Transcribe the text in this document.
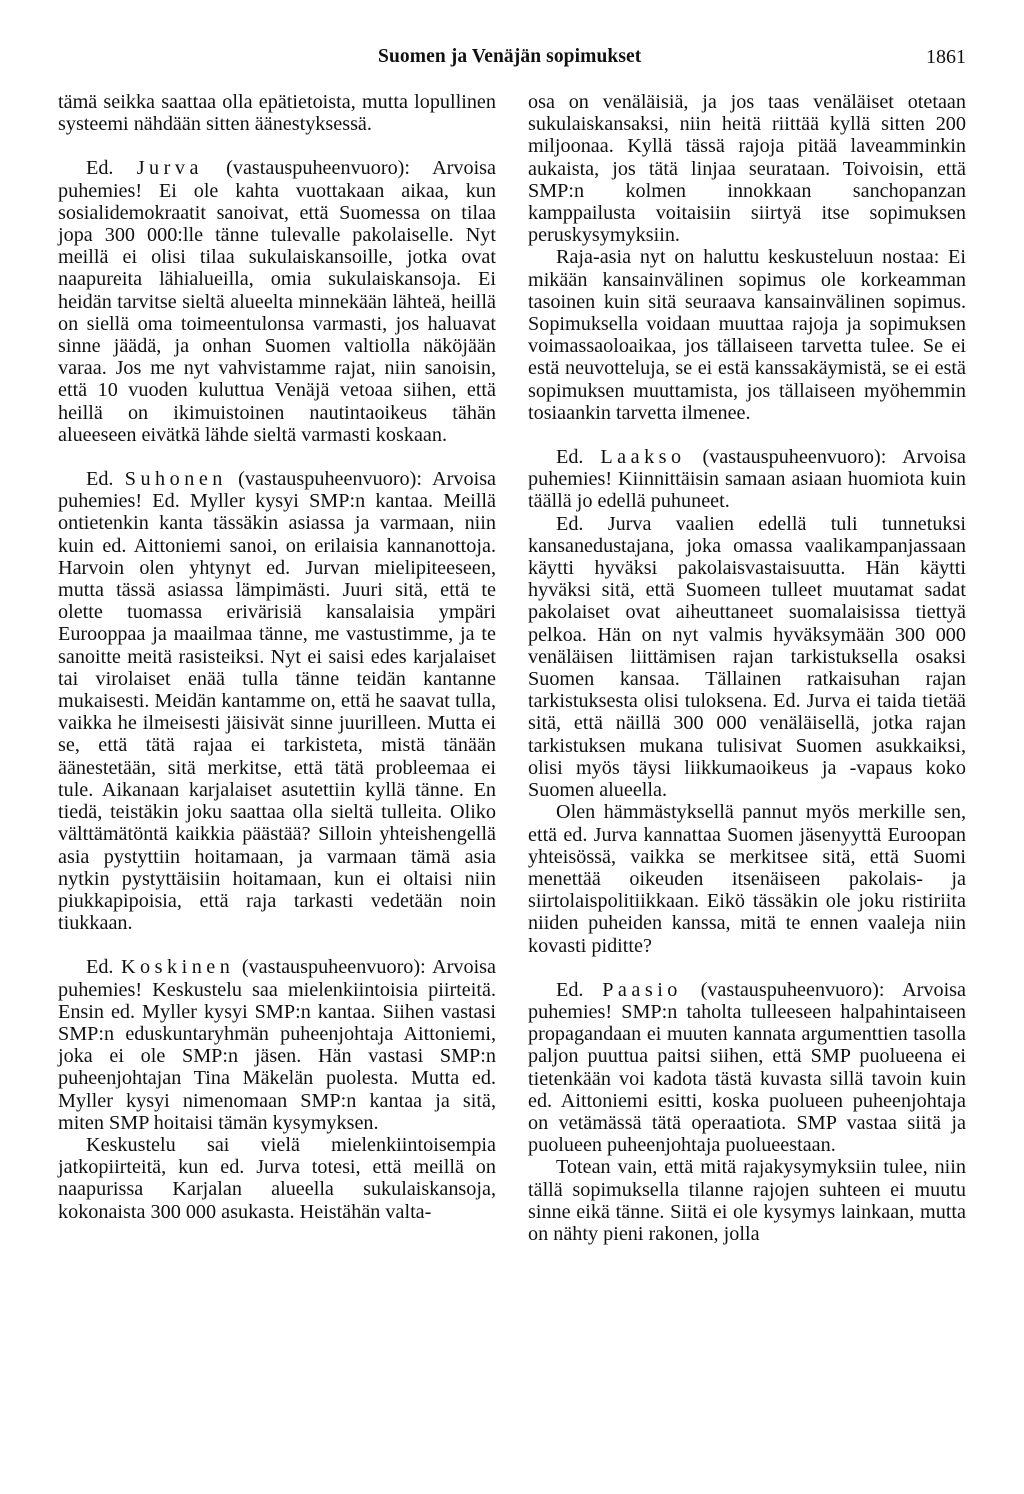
Suomen ja Venäjän sopimukset	1861

tämä seikka saattaa olla epätietoista, mutta lopullinen systeemi nähdään sitten äänestyksessä.

Ed. Jurva (vastauspuheenvuoro): Arvoisa puhemies! Ei ole kahta vuottakaan aikaa, kun sosialidemokraatit sanoivat, että Suomessa on tilaa jopa 300 000:lle tänne tulevalle pakolaiselle. Nyt meillä ei olisi tilaa sukulaiskansoille, jotka ovat naapureita lähialueilla, omia sukulaiskansoja. Ei heidän tarvitse sieltä alueelta minnekään lähteä, heillä on siellä oma toimeentulonsa varmasti, jos haluavat sinne jäädä, ja onhan Suomen valtiolla näköjään varaa. Jos me nyt vahvistamme rajat, niin sanoisin, että 10 vuoden kuluttua Venäjä vetoaa siihen, että heillä on ikimuistoinen nautintaoikeus tähän alueeseen eivätkä lähde sieltä varmasti koskaan.

Ed. Suhonen (vastauspuheenvuoro): Arvoisa puhemies! Ed. Myller kysyi SMP:n kantaa. Meillä ontietenkin kanta tässäkin asiassa ja varmaan, niin kuin ed. Aittoniemi sanoi, on erilaisia kannanottoja. Harvoin olen yhtynyt ed. Jurvan mielipiteeseen, mutta tässä asiassa lämpimästi. Juuri sitä, että te olette tuomassa erivärisiä kansalaisia ympäri Eurooppaa ja maailmaa tänne, me vastustimme, ja te sanoitte meitä rasisteiksi. Nyt ei saisi edes karjalaiset tai virolaiset enää tulla tänne teidän kantanne mukaisesti. Meidän kantamme on, että he saavat tulla, vaikka he ilmeisesti jäisivät sinne juurilleen. Mutta ei se, että tätä rajaa ei tarkisteta, mistä tänään äänestetään, sitä merkitse, että tätä probleemaa ei tule. Aikanaan karjalaiset asutettiin kyllä tänne. En tiedä, teistäkin joku saattaa olla sieltä tulleita. Oliko välttämätöntä kaikkia päästää? Silloin yhteishengellä asia pystyttiin hoitamaan, ja varmaan tämä asia nytkin pystyttäisiin hoitamaan, kun ei oltaisi niin piukkapipoisia, että raja tarkasti vedetään noin tiukkaan.

Ed. Koskinen (vastauspuheenvuoro): Arvoisa puhemies! Keskustelu saa mielenkiintoisia piirteitä. Ensin ed. Myller kysyi SMP:n kantaa. Siihen vastasi SMP:n eduskuntaryhmän puheenjohtaja Aittoniemi, joka ei ole SMP:n jäsen. Hän vastasi SMP:n puheenjohtajan Tina Mäkelän puolesta. Mutta ed. Myller kysyi nimenomaan SMP:n kantaa ja sitä, miten SMP hoitaisi tämän kysymyksen.

Keskustelu sai vielä mielenkiintoisempia jatkopiirteitä, kun ed. Jurva totesi, että meillä on naapurissa Karjalan alueella sukulaiskansoja, kokonaista 300 000 asukasta. Heistähän valta-

osa on venäläisiä, ja jos taas venäläiset otetaan sukulaiskansaksi, niin heitä riittää kyllä sitten 200 miljoonaa. Kyllä tässä rajoja pitää laveamminkin aukaista, jos tätä linjaa seurataan. Toivoisin, että SMP:n kolmen innokkaan sanchopanzan kamppailusta voitaisiin siirtyä itse sopimuksen peruskysymyksiin.

Raja-asia nyt on haluttu keskusteluun nostaa: Ei mikään kansainvälinen sopimus ole korkeamman tasoinen kuin sitä seuraava kansainvälinen sopimus. Sopimuksella voidaan muuttaa rajoja ja sopimuksen voimassaoloaikaa, jos tällaiseen tarvetta tulee. Se ei estä neuvotteluja, se ei estä kanssakäymistä, se ei estä sopimuksen muuttamista, jos tällaiseen myöhemmin tosiaankin tarvetta ilmenee.

Ed. Laakso (vastauspuheenvuoro): Arvoisa puhemies! Kiinnittäisin samaan asiaan huomiota kuin täällä jo edellä puhuneet.

Ed. Jurva vaalien edellä tuli tunnetuksi kansanedustajana, joka omassa vaalikampanjassaan käytti hyväksi pakolaisvastaisuutta. Hän käytti hyväksi sitä, että Suomeen tulleet muutamat sadat pakolaiset ovat aiheuttaneet suomalaisissa tiettyä pelkoa. Hän on nyt valmis hyväksymään 300 000 venäläisen liittämisen rajan tarkistuksella osaksi Suomen kansaa. Tällainen ratkaisuhan rajan tarkistuksesta olisi tuloksena. Ed. Jurva ei taida tietää sitä, että näillä 300 000 venäläisellä, jotka rajan tarkistuksen mukana tulisivat Suomen asukkaiksi, olisi myös täysi liikkumaoikeus ja -vapaus koko Suomen alueella.

Olen hämmästyksellä pannut myös merkille sen, että ed. Jurva kannattaa Suomen jäsenyyttä Euroopan yhteisössä, vaikka se merkitsee sitä, että Suomi menettää oikeuden itsenäiseen pakolais- ja siirtolaispolitiikkaan. Eikö tässäkin ole joku ristiriita niiden puheiden kanssa, mitä te ennen vaaleja niin kovasti piditte?

Ed. Paasio (vastauspuheenvuoro): Arvoisa puhemies! SMP:n taholta tulleeseen halpahintaiseen propagandaan ei muuten kannata argumenttien tasolla paljon puuttua paitsi siihen, että SMP puolueena ei tietenkään voi kadota tästä kuvasta sillä tavoin kuin ed. Aittoniemi esitti, koska puolueen puheenjohtaja on vetämässä tätä operaatiota. SMP vastaa siitä ja puolueen puheenjohtaja puolueestaan.

Totean vain, että mitä rajakysymyksiin tulee, niin tällä sopimuksella tilanne rajojen suhteen ei muutu sinne eikä tänne. Siitä ei ole kysymys lainkaan, mutta on nähty pieni rakonen, jolla
